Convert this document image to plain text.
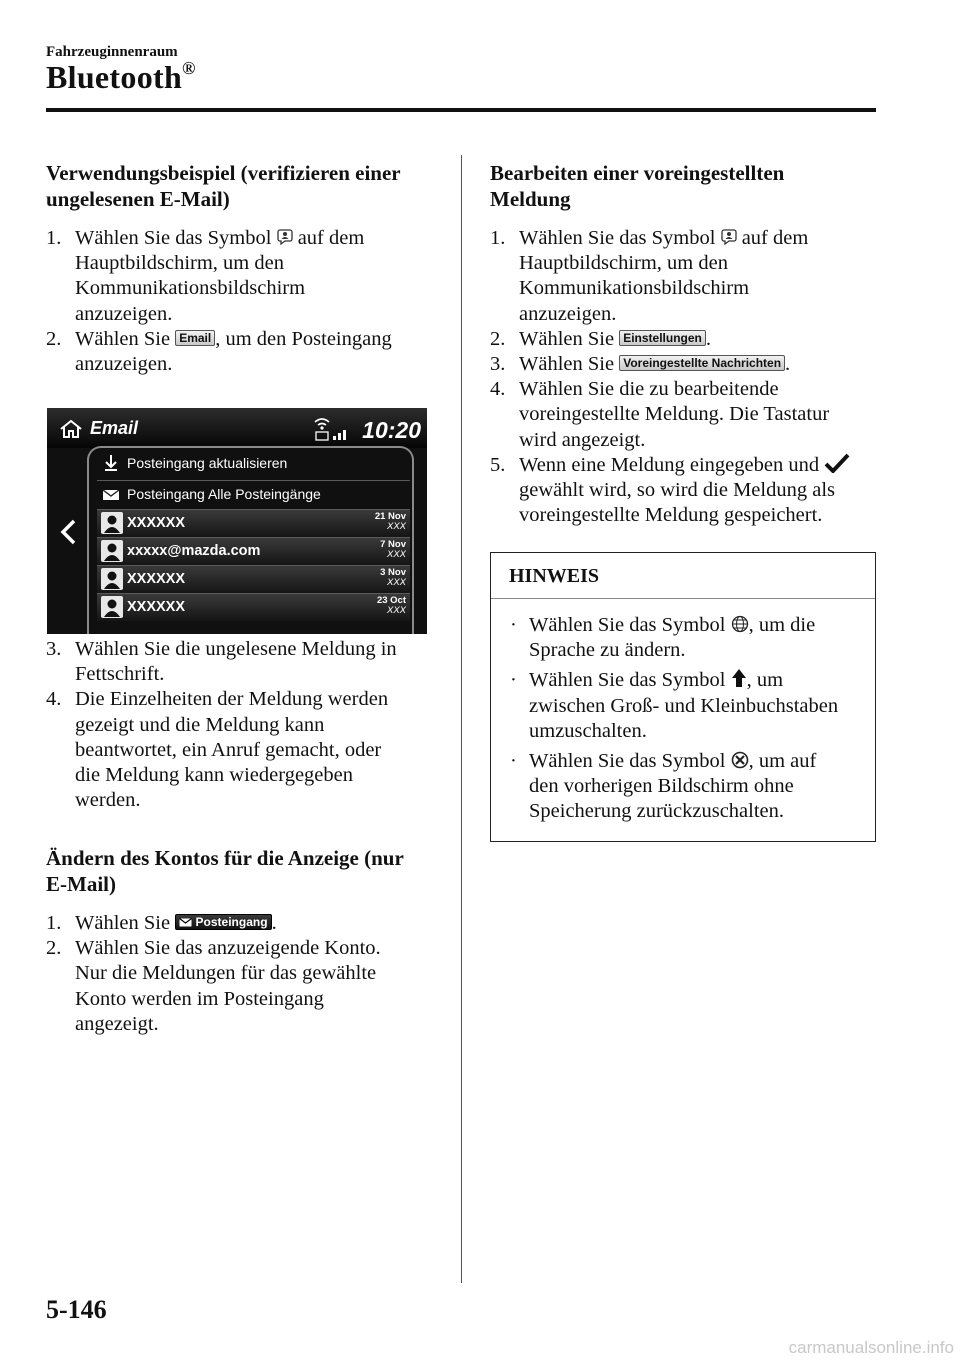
Fahrzeuginnenraum
Bluetooth®
Verwendungsbeispiel (verifizieren einer
ungelesenen E-Mail)
1. Wählen Sie das Symbol auf dem
Hauptbildschirm, um den
Kommunikationsbildschirm
anzuzeigen.
2. Wählen Sie Email , um den Posteingang
anzuzeigen.
Email	10:20
Posteingang aktualisieren
Posteingang Alle Posteingänge
XXXXXX	21 Nov
XXX
xxxxx@mazda.com	7 Nov
XXX
XXXXXX	3 Nov
XXX
XXXXXX	23 Oct
XXX
3. Wählen Sie die ungelesene Meldung in
Fettschrift.
4. Die Einzelheiten der Meldung werden
gezeigt und die Meldung kann
beantwortet, ein Anruf gemacht, oder
die Meldung kann wiedergegeben
werden.
Ändern des Kontos für die Anzeige (nur
E-Mail)
1. Wählen Sie Posteingang .
2. Wählen Sie das anzuzeigende Konto.
Nur die Meldungen für das gewählte
Konto werden im Posteingang
angezeigt.
Bearbeiten einer voreingestellten
Meldung
1. Wählen Sie das Symbol auf dem
Hauptbildschirm, um den
Kommunikationsbildschirm
anzuzeigen.
2. Wählen Sie Einstellungen .
3. Wählen Sie Voreingestellte Nachrichten .
4. Wählen Sie die zu bearbeitende
voreingestellte Meldung. Die Tastatur
wird angezeigt.
5. Wenn eine Meldung eingegeben und
gewählt wird, so wird die Meldung als
voreingestellte Meldung gespeichert.
HINWEIS
· Wählen Sie das Symbol , um die
Sprache zu ändern.
· Wählen Sie das Symbol , um
zwischen Groß- und Kleinbuchstaben
umzuschalten.
· Wählen Sie das Symbol , um auf
den vorherigen Bildschirm ohne
Speicherung zurückzuschalten.
5-146
carmanualsonline.info
